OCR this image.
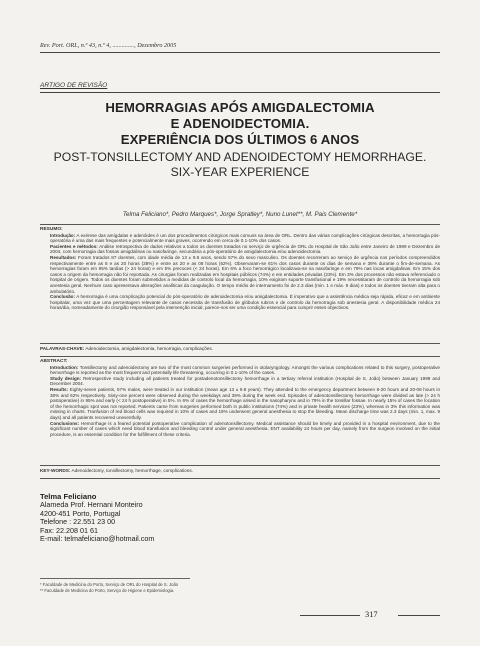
Rev. Port. ORL, n.º 43, n.º 4, .............., Dezembro 2005
ARTIGO DE REVISÃO
HEMORRAGIAS APÓS AMIGDALECTOMIA
E ADENOIDECTOMIA.
EXPERIÊNCIA DOS ÚLTIMOS 6 ANOS
POST-TONSILLECTOMY AND ADENOIDECTOMY HEMORRHAGE.
SIX-YEAR EXPERIENCE
Telma Feliciano*, Pedro Marques*, Jorge Spratley*, Nuno Lunet**, M. Pais Clemente*
RESUMO:

Introdução: A exérese das amígdalas e adenóides é um dos procedimentos cirúrgicos mais comuns na área de ORL. Dentro das várias complicações cirúrgicas descritas, a hemorragia pós-operatória é uma das mais frequentes e potencialmente mais graves, ocorrendo em cerca de 0.1-10% dos casos.

Pacientes e métodos: Análise retrospectiva de dados relativos a todos os doentes tratados no serviço de urgência de ORL do Hospital de São João entre Janeiro de 1999 e Dezembro de 2004, com hemorragia das fossas amigdalinas ou nasofaringe, secundária a pós-operatório de amigdalectomia e/ou adenoidectomia.

Resultados: Foram tratados 87 doentes, com idade média de 13 ± 9.8 anos, sendo 57% do sexo masculino. Os doentes recorreram ao serviço de urgência nos períodos compreendidos respectivamente entre as 8 e as 20 horas (38%) e entre as 20 e as 08 horas (62%). Observaram-se 61% dos casos durante os dias de semana e 39% durante o fim-de-semana. As hemorragias foram em 95% tardias (> 24 horas) e em 5% precoces (< 24 horas). Em 6% a foco hemorrágico localizava-se na nasofaringe e em 79% nas locas amigdalinas. Em 15% dos casos a origem da hemorragia não foi reportada. As cirurgias foram realizadas em hospitais públicos (74%) e em entidades privadas (23%). Em 3% dos processos não estava referenciado o hospital de origem. Todos os doentes foram submetidos a medidas de controlo local da hemorragia, 10% exigiram suporte transfusional e 19% necessitaram de controlo da hemorragia sob anestesia geral. Nenhum caso apresentava alterações analíticas da coagulação. O tempo médio de internamento foi de 2.3 dias (min. 1 e máx. 9 dias) e todos os doentes tiveram alta para o ambulatório.

Conclusão: A hemorragia é uma complicação potencial do pós-operatório de adenoidectomia e/ou amigdalectomia. É imperativo que a assistência médica seja rápida, eficaz e em ambiente hospitalar, uma vez que uma percentagem relevante de casos necessita de transfusão de glóbulos rubros e de controlo da hemorragia sob anestesia geral. A disponibilidade médica 24 horas/dia, nomeadamente do cirurgião responsável pela intervenção inicial, parece-nos ser uma condição essencial para cumprir esses objectivos.

PALAVRAS-CHAVE: Adenoidectomia, amigdalectomia, hemorragia, complicações.
ABSTRACT:

Introduction: Tonsillectomy and adenoidectomy are two of the most common surgeries performed in otolaryngology. Amongst the various complications related to this surgery, postoperative hemorrhage is reported as the most frequent and potentially life threatening, occurring in 0.1-10% of the cases.

Study design: Retrospective study including all patients treated for postadenotonsillectomy hemorrhage in a tertiary referral institution (Hospital de S. João) between January 1999 and December 2004.

Results: Eighty-seven patients, 57% males, were treated in our institution (mean age 13 ± 9.8 years). They attended to the emergency department between 8-20 hours and 20-08 hours in 38% and 62% respectively. Sixty-one percent were observed during the weekdays and 39% during the week end. Episodes of adenotonsillectomy hemorrhage were divided as late (> 24 h postoperative) in 95% and early (< 24 h postoperative) in 5%. In 6% of cases the hemorrhage arised in the nasopharynx and in 79% in the tonsillar fossae. In nearly 15% of cases the location of the hemorrhagic spot was not reported. Patients came from surgeries performed both in public institutions (74%) and in private health services (23%), whereas in 3% this information was missing in charts. Tranfusion of red blood cells was required in 10% of cases and 19% underwent general anesthesia to stop the bleeding. Mean discharge time was 2.3 days (min. 1, max. 9 days) and all patients recovered uneventfully.

Conclusions: Hemorrhage is a feared potential postoperative complication of adenotonsillectomy. Medical assistance should be timely and provided in a hospital environment, due to the significant number of cases which need blood transfusion and bleeding control under general anesthesia. ENT availability 24 hours per day, namely from the surgeon involved on the initial procedure, is an essential condition for the fulfillment of these criteria.

KEY-WORDS: Adenoidectomy, tonsillectomy, hemorrhage, complications.
Telma Feliciano
Alameda Prof. Hernani Monteiro
4200-451 Porto, Portugal
Telefone : 22.551 23 00
Fax: 22.208 01 61
E-mail: telmafeliciano@hotmail.com
* Faculdade de Medicina do Porto, Serviço de ORL do Hospital de S. João
** Faculdade de Medicina do Porto, Serviço de Higiene e Epidemiologia.
317
